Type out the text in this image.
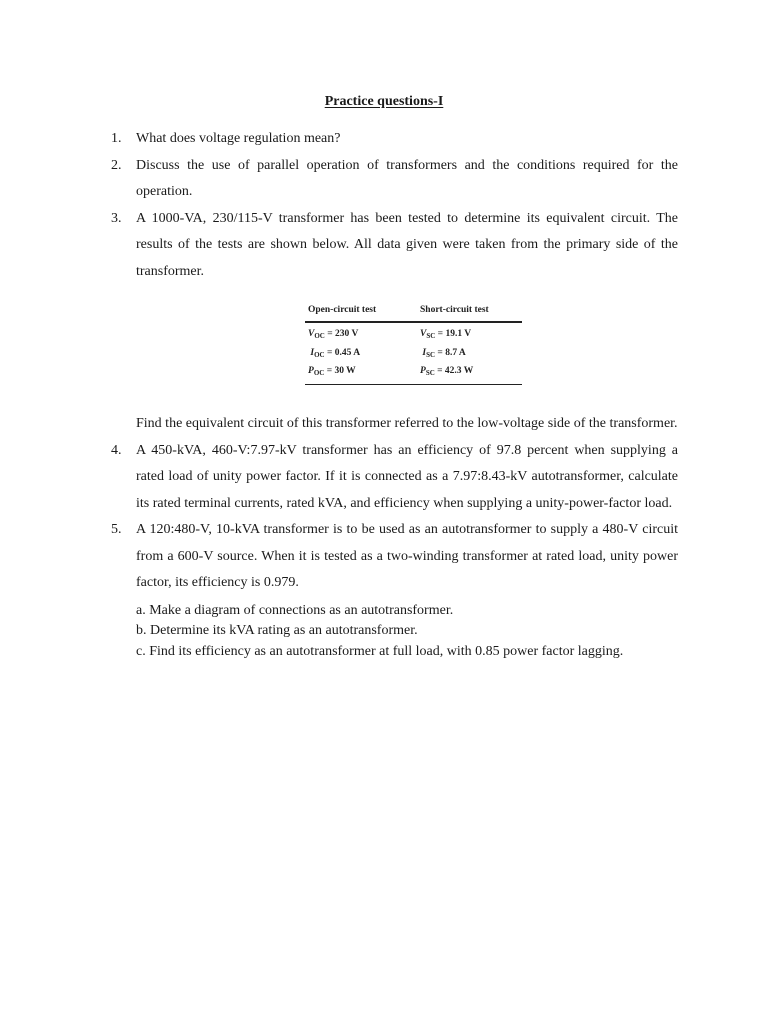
Practice questions-I
1. What does voltage regulation mean?
2. Discuss the use of parallel operation of transformers and the conditions required for the operation.
3. A 1000-VA, 230/115-V transformer has been tested to determine its equivalent circuit. The results of the tests are shown below. All data given were taken from the primary side of the transformer.
Open-circuit test	Short-circuit test
$V_{OC} = 230$ V	$V_{SC} = 19.1$ V
$I_{OC} = 0.45$ A	$I_{SC} = 8.7$ A
$P_{OC} = 30$ W	$P_{SC} = 42.3$ W
Find the equivalent circuit of this transformer referred to the low-voltage side of the transformer.
4. A 450-kVA, 460-V:7.97-kV transformer has an efficiency of 97.8 percent when supplying a rated load of unity power factor. If it is connected as a 7.97:8.43-kV autotransformer, calculate its rated terminal currents, rated kVA, and efficiency when supplying a unity-power-factor load.
5. A 120:480-V, 10-kVA transformer is to be used as an autotransformer to supply a 480-V circuit from a 600-V source. When it is tested as a two-winding transformer at rated load, unity power factor, its efficiency is 0.979.
a. Make a diagram of connections as an autotransformer.
b. Determine its kVA rating as an autotransformer.
c. Find its efficiency as an autotransformer at full load, with 0.85 power factor lagging.
